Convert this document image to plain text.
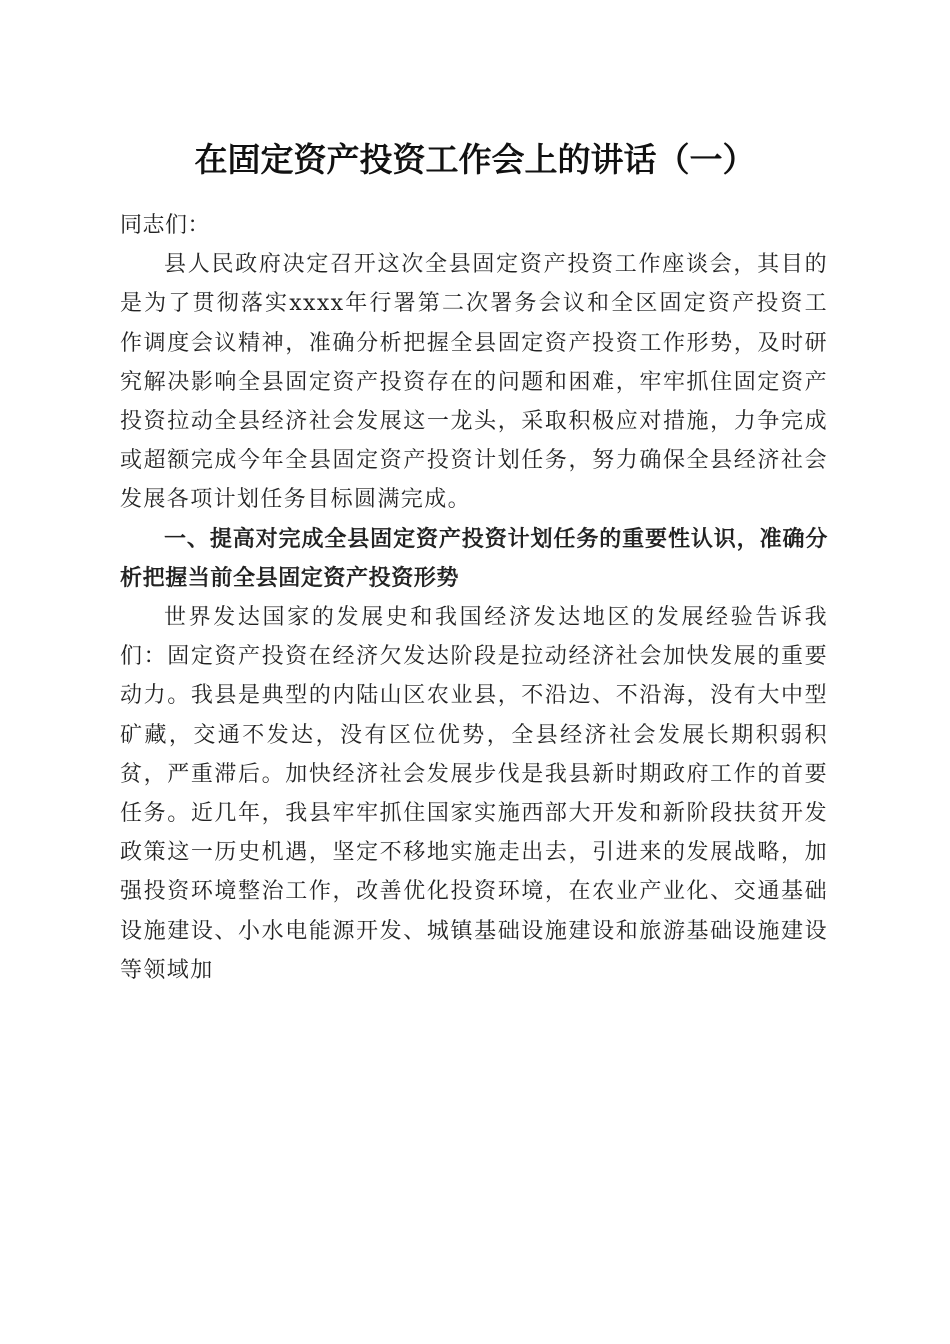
在固定资产投资工作会上的讲话（一）

同志们：

县人民政府决定召开这次全县固定资产投资工作座谈会，其目的是为了贯彻落实xxxx年行署第二次署务会议和全区固定资产投资工作调度会议精神，准确分析把握全县固定资产投资工作形势，及时研究解决影响全县固定资产投资存在的问题和困难，牢牢抓住固定资产投资拉动全县经济社会发展这一龙头，采取积极应对措施，力争完成或超额完成今年全县固定资产投资计划任务，努力确保全县经济社会发展各项计划任务目标圆满完成。

一、提高对完成全县固定资产投资计划任务的重要性认识，准确分析把握当前全县固定资产投资形势

世界发达国家的发展史和我国经济发达地区的发展经验告诉我们：固定资产投资在经济欠发达阶段是拉动经济社会加快发展的重要动力。我县是典型的内陆山区农业县，不沿边、不沿海，没有大中型矿藏，交通不发达，没有区位优势，全县经济社会发展长期积弱积贫，严重滞后。加快经济社会发展步伐是我县新时期政府工作的首要任务。近几年，我县牢牢抓住国家实施西部大开发和新阶段扶贫开发政策这一历史机遇，坚定不移地实施走出去，引进来的发展战略，加强投资环境整治工作，改善优化投资环境，在农业产业化、交通基础设施建设、小水电能源开发、城镇基础设施建设和旅游基础设施建设等领域加
